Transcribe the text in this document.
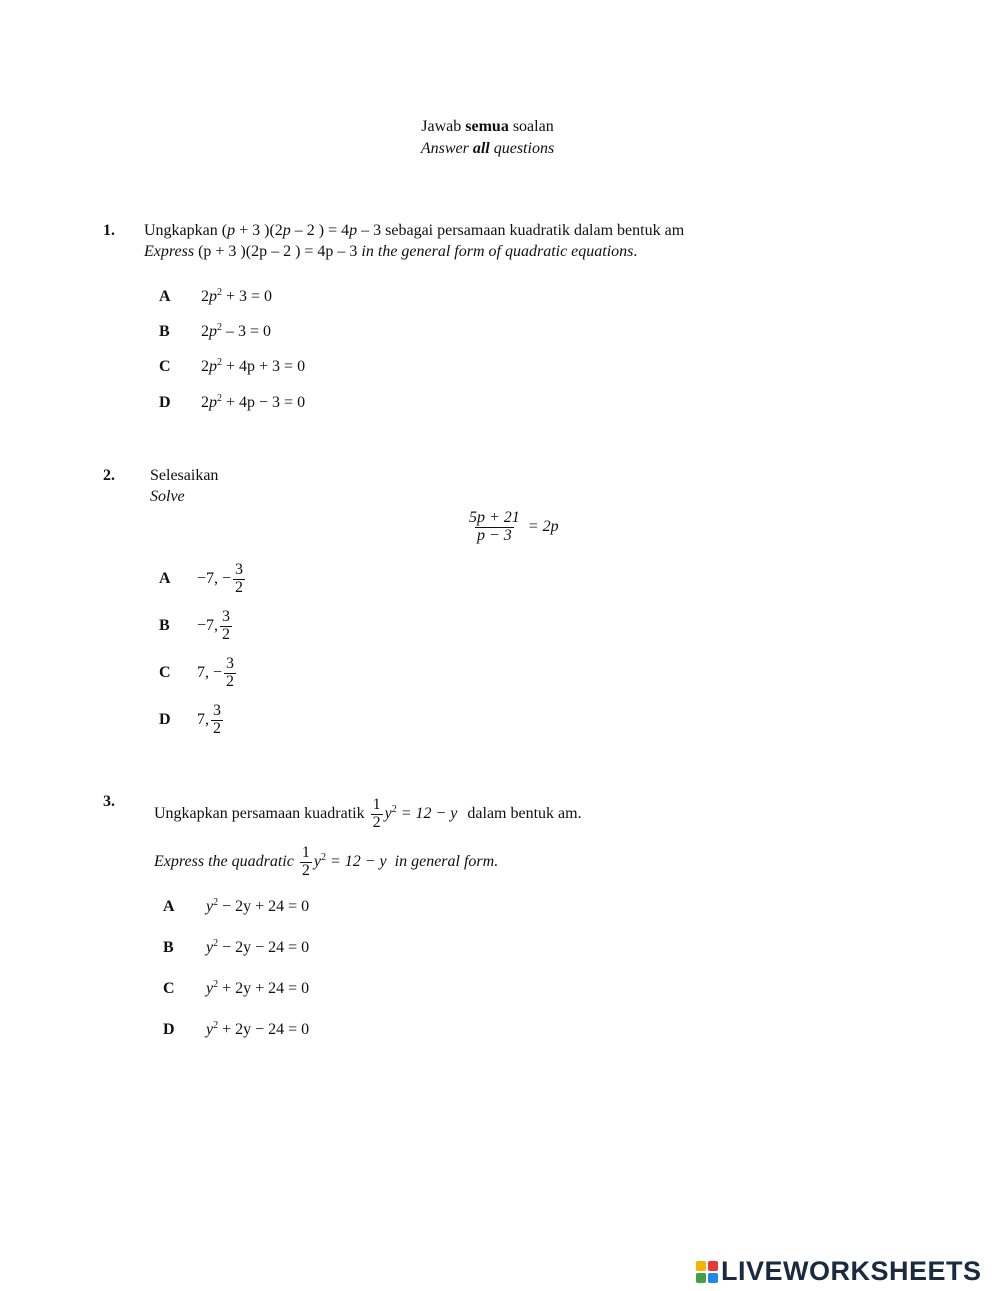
Jawab semua soalan
Answer all questions
1. Ungkapkan (p + 3 )(2p – 2 ) = 4p – 3 sebagai persamaan kuadratik dalam bentuk am
Express (p + 3 )(2p – 2 ) = 4p – 3 in the general form of quadratic equations.
A $2p^2 + 3 = 0$
B $2p^2 - 3 = 0$
C $2p^2 + 4p + 3 = 0$
D $2p^2 + 4p - 3 = 0$
2. Selesaikan
Solve
$\frac{5p + 21}{p - 3} = 2p$
A	−7, − $\frac{3}{2}$
B	−7, $\frac{3}{2}$
C	7, − $\frac{3}{2}$
D	7, $\frac{3}{2}$
3.
Ungkapkan persamaan kuadratik $\frac{1}{2} y^2 = 12 - y$ dalam bentuk am.
Express the quadratic $\frac{1}{2} y^2 = 12 - y$ in general form.
A $y^2 - 2y + 24 = 0$
B $y^2 - 2y - 24 = 0$
C $y^2 + 2y + 24 = 0$
D $y^2 + 2y - 24 = 0$
LIVEWORKSHEETS
